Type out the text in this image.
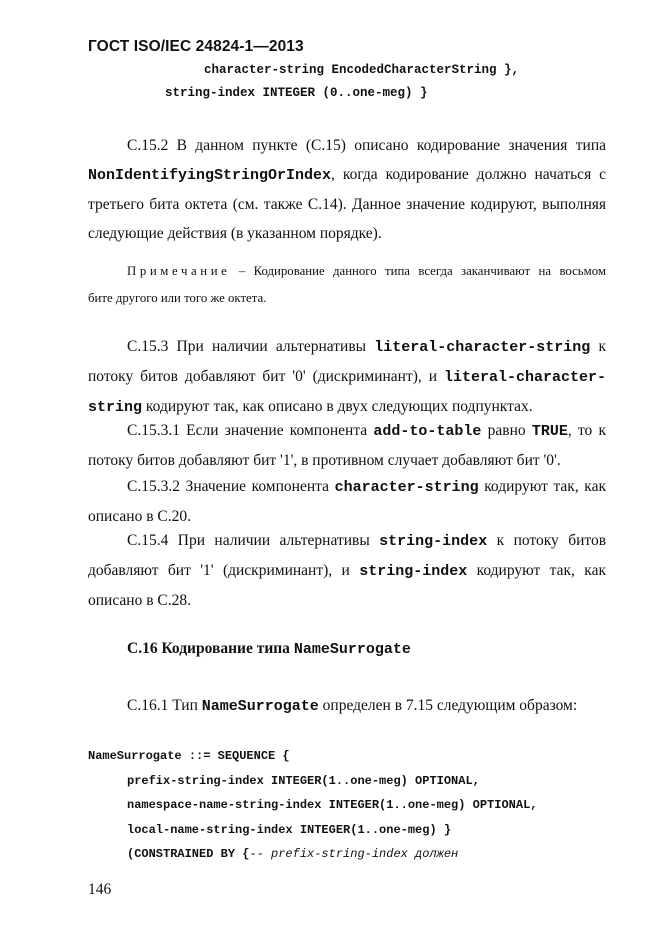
ГОСТ ISO/IEC 24824-1—2013
character-string EncodedCharacterString },
string-index INTEGER (0..one-meg) }
С.15.2 В данном пункте (С.15) описано кодирование значения типа
NonIdentifyingStringOrIndex, когда кодирование должно начаться с
третьего бита октета (см. также С.14). Данное значение кодируют, выполняя
следующие действия (в указанном порядке).
Примечание – Кодирование данного типа всегда заканчивают на восьмом
бите другого или того же октета.
С.15.3 При наличии альтернативы literal-character-string к
потоку битов добавляют бит '0' (дискриминант), и literal-character-
string кодируют так, как описано в двух следующих подпунктах.
С.15.3.1 Если значение компонента add-to-table равно TRUE, то к
потоку битов добавляют бит '1', в противном случает добавляют бит '0'.
С.15.3.2 Значение компонента character-string кодируют так, как
описано в С.20.
С.15.4 При наличии альтернативы string-index к потоку битов
добавляют бит '1' (дискриминант), и string-index кодируют так, как
описано в С.28.
С.16 Кодирование типа NameSurrogate
С.16.1 Тип NameSurrogate определен в 7.15 следующим образом:
NameSurrogate ::= SEQUENCE {
prefix-string-index INTEGER(1..one-meg) OPTIONAL,
namespace-name-string-index INTEGER(1..one-meg) OPTIONAL,
local-name-string-index INTEGER(1..one-meg) }
(CONSTRAINED BY {-- prefix-string-index должен
146
